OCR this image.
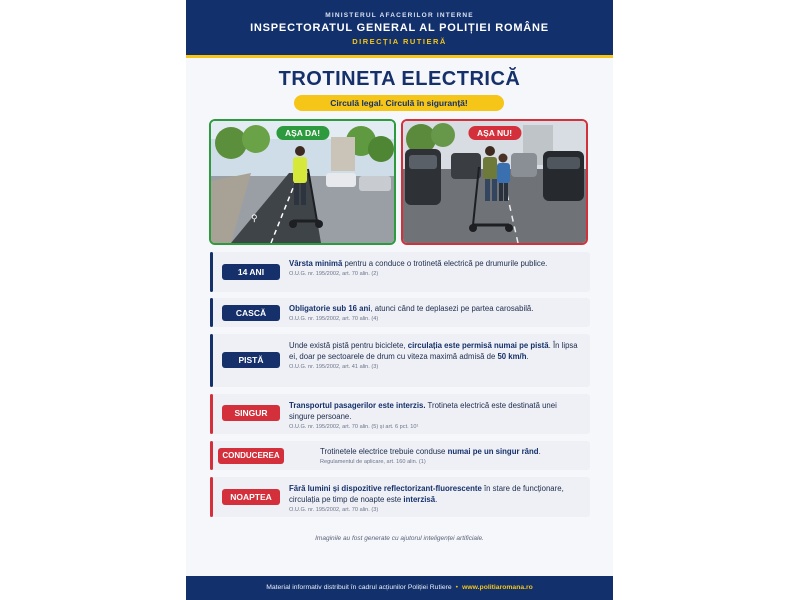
MINISTERUL AFACERILOR INTERNE
INSPECTORATUL GENERAL AL POLIȚIEI ROMÂNE
DIRECȚIA RUTIERĂ
TROTINETA ELECTRICĂ
Circulă legal. Circulă în siguranță!
⚲
AȘA DA!	AȘA NU!
14 ANI
Vârsta minimă pentru a conduce o trotinetă electrică pe drumurile publice.
O.U.G. nr. 195/2002, art. 70 alin. (2)
CASCĂ	Obligatorie sub 16 ani, atunci când te deplasezi pe partea carosabilă.
O.U.G. nr. 195/2002, art. 70 alin. (4)
PISTĂ
Unde există pistă pentru biciclete, circulația este permisă numai pe pistă. În lipsa ei, doar pe sectoarele de drum cu viteza maximă admisă de 50 km/h.
O.U.G. nr. 195/2002, art. 41 alin. (3)
SINGUR
Transportul pasagerilor este interzis. Trotineta electrică este destinată unei singure persoane.
O.U.G. nr. 195/2002, art. 70 alin. (5) și art. 6 pct. 10¹
CONDUCEREA	Trotinetele electrice trebuie conduse numai pe un singur rând.
Regulamentul de aplicare, art. 160 alin. (1)
NOAPTEA
Fără lumini și dispozitive reflectorizant-fluorescente în stare de funcționare, circulația pe timp de noapte este interzisă.
O.U.G. nr. 195/2002, art. 70 alin. (3)
Imaginile au fost generate cu ajutorul inteligenței artificiale.
Material informativ distribuit în cadrul acțiunilor Poliției Rutiere • www.politiaromana.ro
